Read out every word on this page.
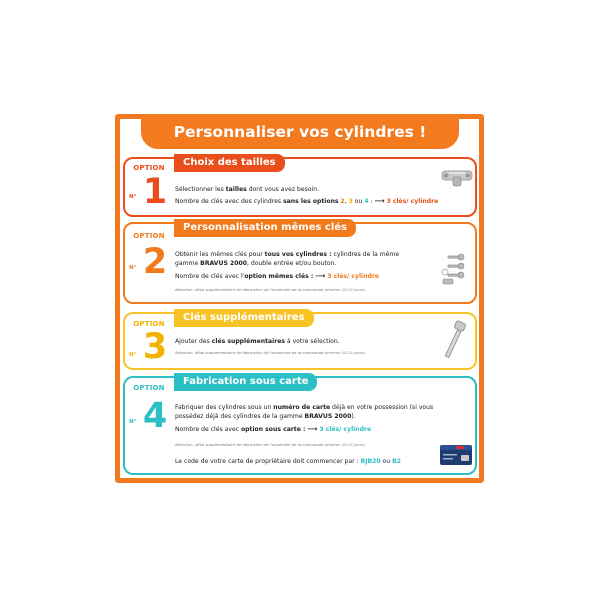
Personnaliser vos cylindres !
OPTION
1
N°
Choix des tailles
Sélectionner les tailles dont vous avez besoin.
Nombre de clés avec des cylindres sans les options 2, 3 ou 4 : ⟶ 3 clés/ cylindre
OPTION
2
N°
Personnalisation mêmes clés
Obtenir les mêmes clés pour tous vos cylindres : cylindres de la même
gamme BRAVUS 2000, double entrée et/ou bouton.
Nombre de clés avec l'option mêmes clés : ⟶ 3 clés/ cylindre
Attention, délai supplémentaire de fabrication de l'ensemble de la commande (environ 10-15 jours).
OPTION
3
N°
Clés supplémentaires
Ajouter des clés supplémentaires à votre sélection.
Attention, délai supplémentaire de fabrication de l'ensemble de la commande (environ 10-15 jours).
OPTION
4
N°
Fabrication sous carte
Fabriquer des cylindres sous un numéro de carte déjà en votre possession (si vous
possédez déjà des cylindres de la gamme BRAVUS 2000).
Nombre de clés avec option sous carte : ⟶ 3 clés/ cylindre
Attention, délai supplémentaire de fabrication de l'ensemble de la commande (environ 10-15 jours).
Le code de votre carte de propriétaire doit commencer par : BJB20 ou B2
